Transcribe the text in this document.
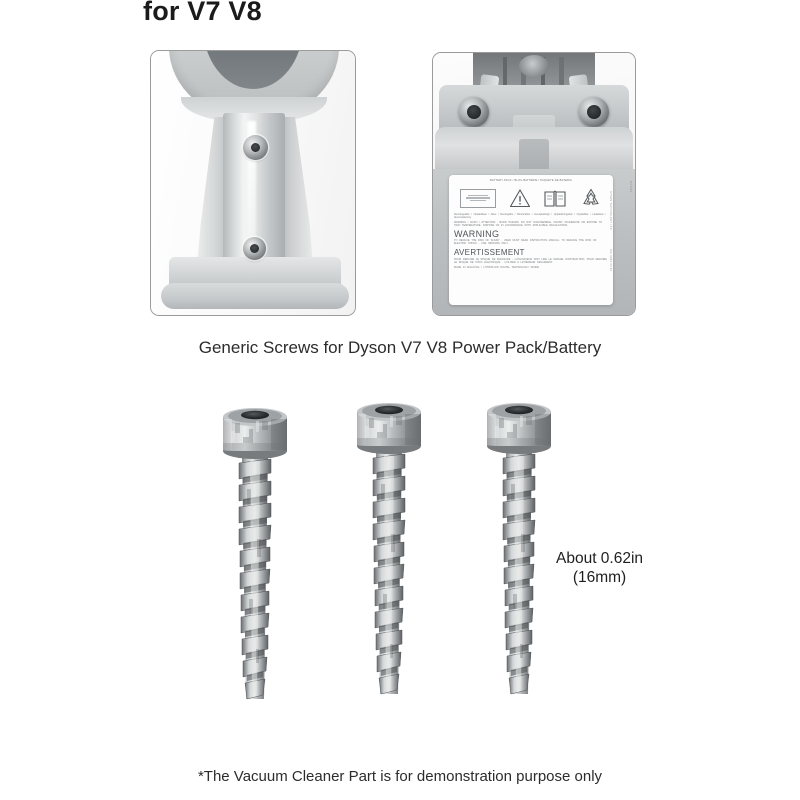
for V7 V8
BATTERY PACK / BLOC-BATTERIE / PAQUETE DE BATERIA
Rechargeable / Oplaadbaar / Akku / Recargable / Ricaricabile / Genopladeligt / Uppladdningsbar / Oppladbar / Ladattava / Akumulatorowy
WARNING / AVISO / ATTENTION - BURN HAZARD. DO NOT DISASSEMBLE, CRUSH, INCINERATE OR EXPOSE TO HIGH TEMPERATURE. DISPOSE OF IN ACCORDANCE WITH APPLICABLE REGULATIONS.
WARNING
TO REDUCE THE RISK OF INJURY - USER MUST READ INSTRUCTION MANUAL. TO REDUCE THE RISK OF ELECTRIC SHOCK - USE INDOORS ONLY.
AVERTISSEMENT
POUR REDUIRE LE RISQUE DE BLESSURE - LUTILISATEUR DOIT LIRE LE MANUEL DINSTRUCTION. POUR REDUIRE LE RISQUE DE CHOC ELECTRIQUE - UTILISER A LINTERIEUR SEULEMENT.
MADE IN MALAYSIA / LITHIUM-ION DIGITAL TECHNOLOGY INSIDE
DYSON TECHNOLOGY LTD
SN/ 0000 00 00
DYSON
Generic Screws for Dyson V7 V8 Power Pack/Battery
About 0.62in
(16mm)
*The Vacuum Cleaner Part is for demonstration purpose only
